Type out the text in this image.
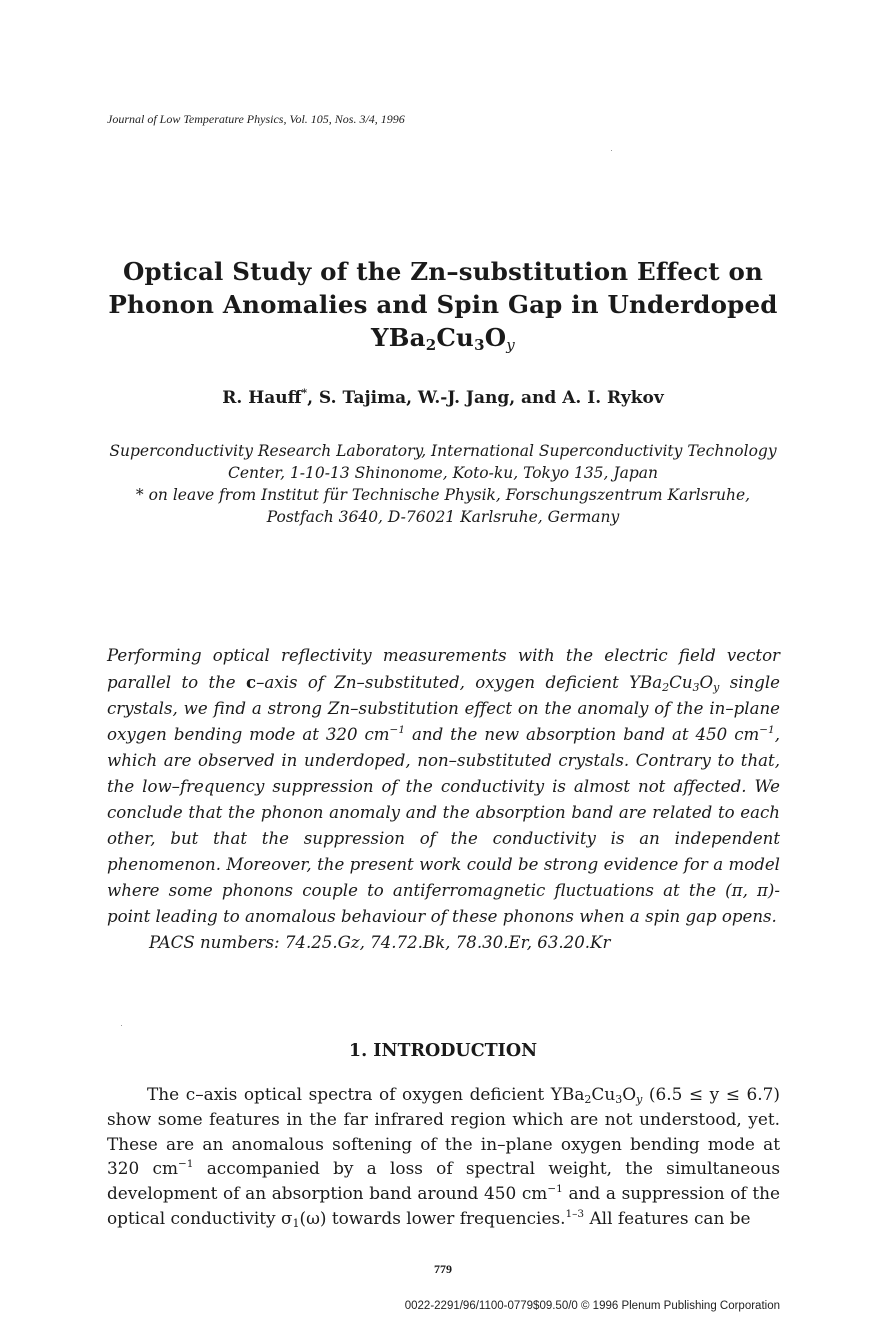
Journal of Low Temperature Physics, Vol. 105, Nos. 3/4, 1996
Optical Study of the Zn–substitution Effect on
Phonon Anomalies and Spin Gap in Underdoped
$YBa_2Cu_3O_y$
R. Hauff*, S. Tajima, W.-J. Jang, and A. I. Rykov
Superconductivity Research Laboratory, International Superconductivity Technology
Center, 1-10-13 Shinonome, Koto-ku, Tokyo 135, Japan
* on leave from Institut für Technische Physik, Forschungszentrum Karlsruhe,
Postfach 3640, D-76021 Karlsruhe, Germany

Performing optical reflectivity measurements with the electric field vector parallel to the c–axis of Zn–substituted, oxygen deficient $YBa_2Cu_3O_y$ single crystals, we find a strong Zn–substitution effect on the anomaly of the in–plane oxygen bending mode at 320 $cm^{-1}$ and the new absorption band at 450 $cm^{-1}$, which are observed in underdoped, non–substituted crystals. Contrary to that, the low–frequency suppression of the conductivity is almost not affected. We conclude that the phonon anomaly and the absorption band are related to each other, but that the suppression of the conductivity is an independent phenomenon. Moreover, the present work could be strong evidence for a model where some phonons couple to antiferromagnetic fluctuations at the (π, π)-point leading to anomalous behaviour of these phonons when a spin gap opens.

PACS numbers: 74.25.Gz, 74.72.Bk, 78.30.Er, 63.20.Kr

1. INTRODUCTION

The c–axis optical spectra of oxygen deficient $YBa_2Cu_3O_y$ (6.5 ≤ y ≤ 6.7) show some features in the far infrared region which are not understood, yet. These are an anomalous softening of the in–plane oxygen bending mode at 320 $cm^{-1}$ accompanied by a loss of spectral weight, the simultaneous development of an absorption band around 450 $cm^{-1}$ and a suppression of the optical conductivity $\sigma_1(\omega)$ towards lower frequencies.$^{1-3}$ All features can be

779
0022-2291/96/1100-0779$09.50/0 © 1996 Plenum Publishing Corporation
